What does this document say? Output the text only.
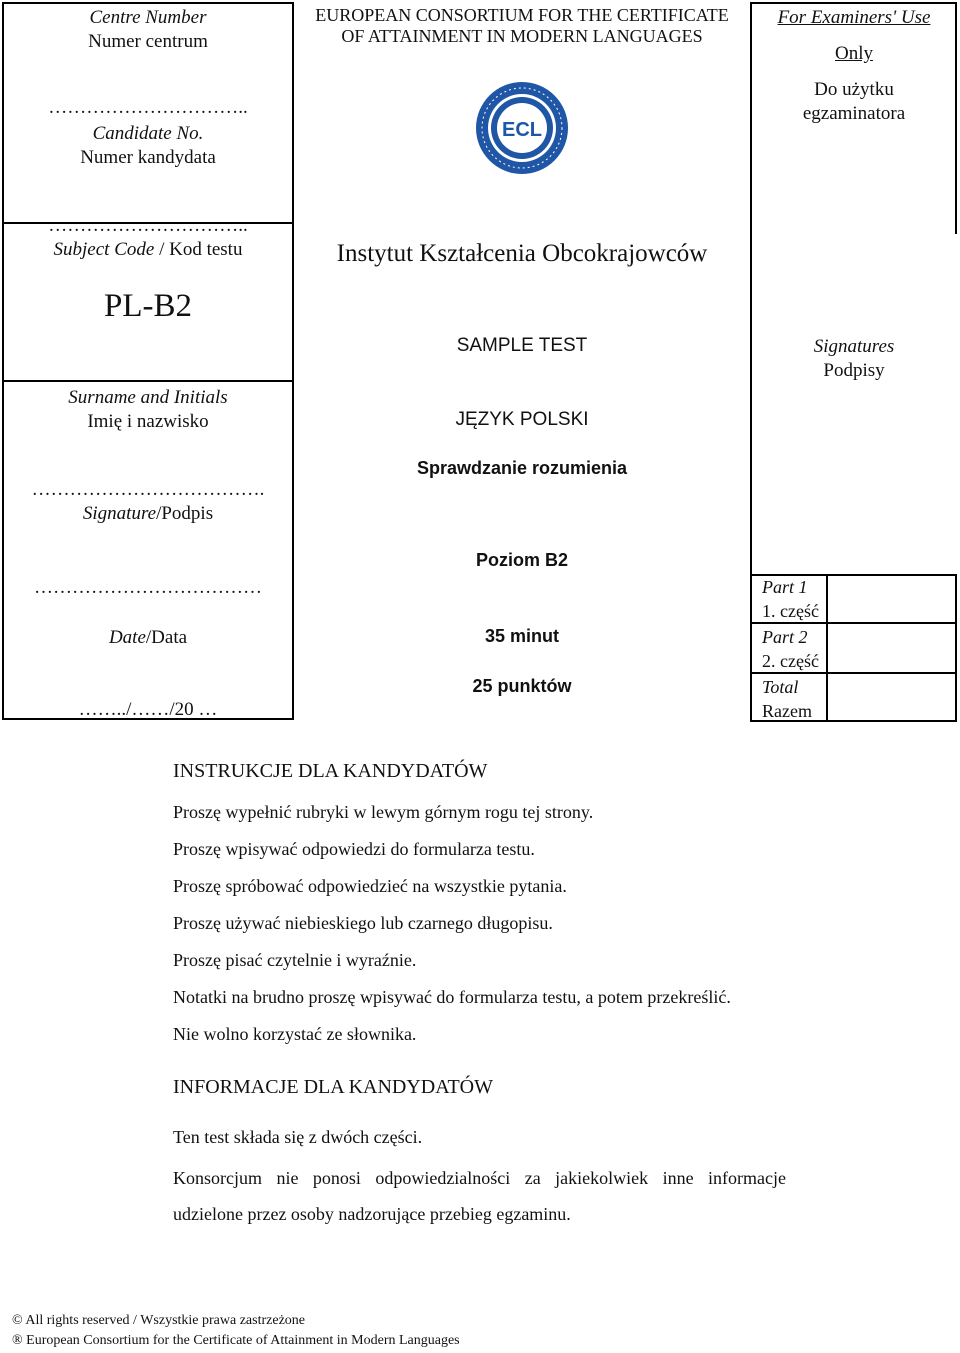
Centre Number
Numer centrum
…………………………..
Candidate No.
Numer kandydata
…………………………..
Subject Code / Kod testu
PL-B2
Surname and Initials
Imię i nazwisko
……………………………….
Signature/Podpis
………………………………
Date/Data
……../……/20 …
EUROPEAN CONSORTIUM FOR THE CERTIFICATE OF ATTAINMENT IN MODERN LANGUAGES
ECL
Instytut Kształcenia Obcokrajowców
SAMPLE TEST
JĘZYK POLSKI
Sprawdzanie rozumienia
Poziom B2
35 minut
25 punktów
For Examiners' Use
Only
Do użytku egzaminatora
Signatures
Podpisy
Part 1
1. część
Part 2
2. część
Total
Razem
INSTRUKCJE DLA KANDYDATÓW

Proszę wypełnić rubryki w lewym górnym rogu tej strony.

Proszę wpisywać odpowiedzi do formularza testu.

Proszę spróbować odpowiedzieć na wszystkie pytania.

Proszę używać niebieskiego lub czarnego długopisu.

Proszę pisać czytelnie i wyraźnie.

Notatki na brudno proszę wpisywać do formularza testu, a potem przekreślić.

Nie wolno korzystać ze słownika.

INFORMACJE DLA KANDYDATÓW
Ten test składa się z dwóch części.
Konsorcjum nie ponosi odpowiedzialności za jakiekolwiek inne informacje udzielone przez osoby nadzorujące przebieg egzaminu.
© All rights reserved / Wszystkie prawa zastrzeżone
® European Consortium for the Certificate of Attainment in Modern Languages
